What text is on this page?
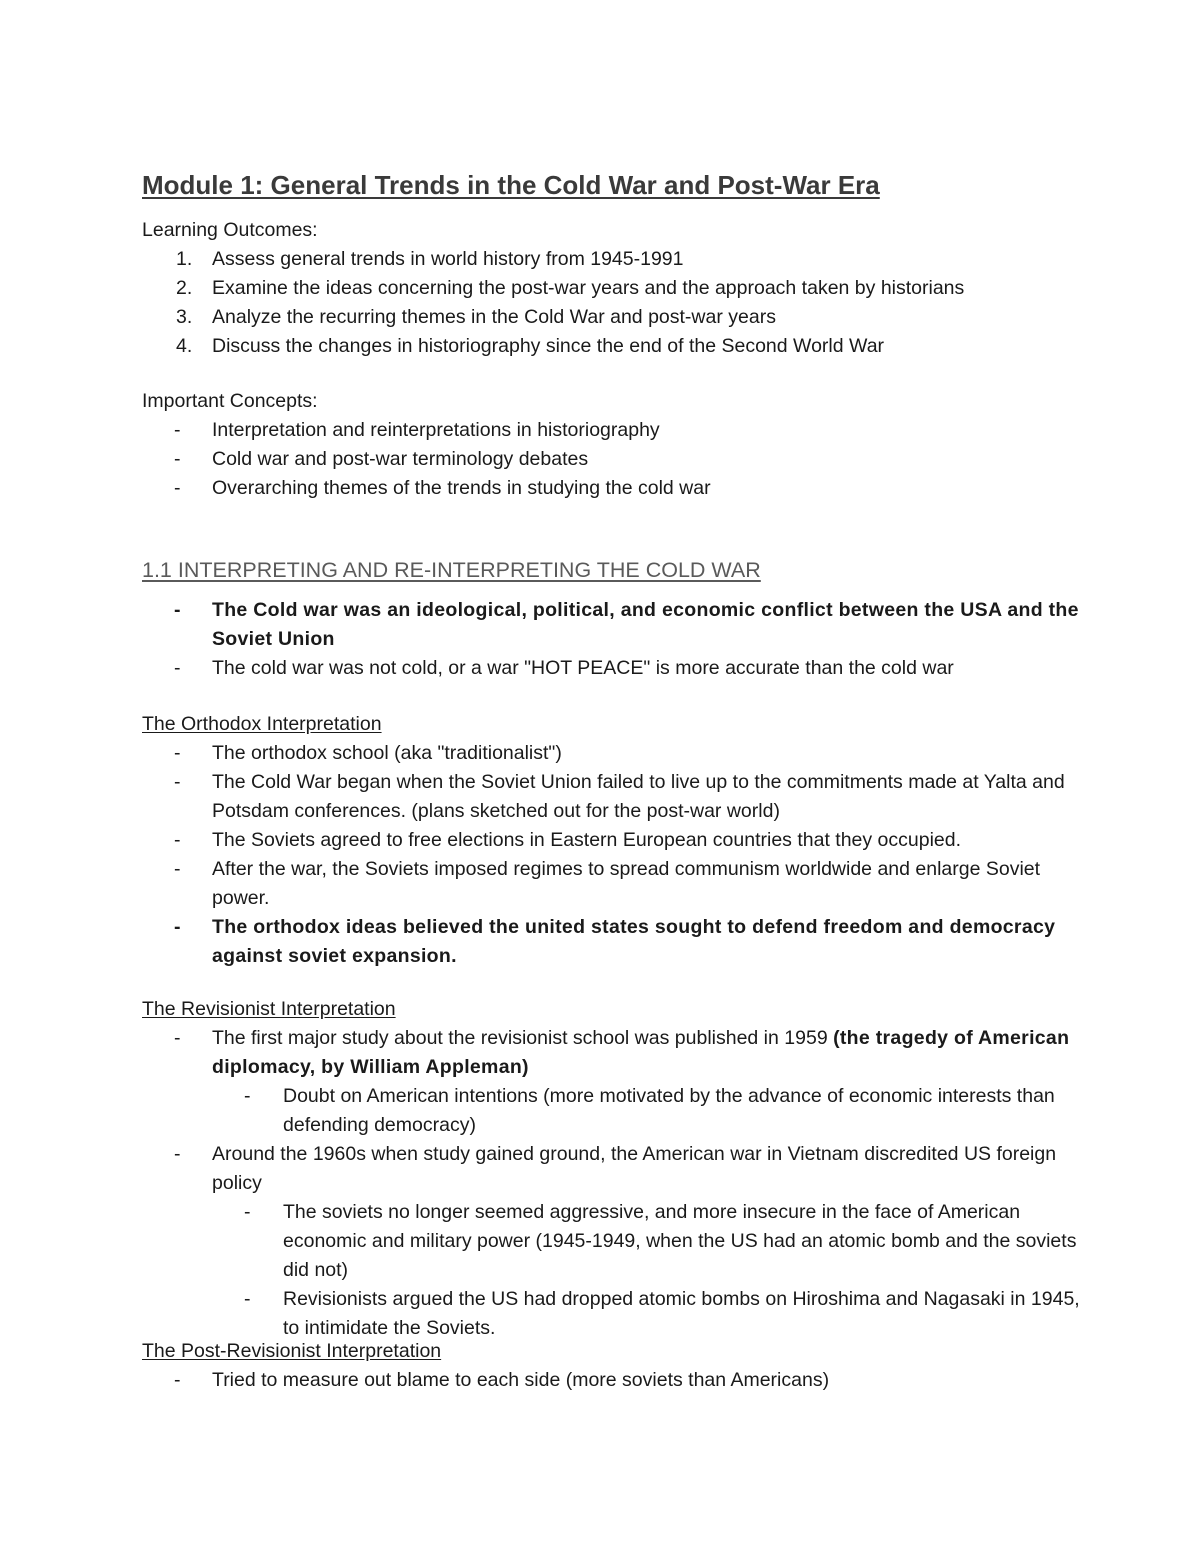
Module 1: General Trends in the Cold War and Post-War Era
Learning Outcomes:
1. Assess general trends in world history from 1945-1991
2. Examine the ideas concerning the post-war years and the approach taken by historians
3. Analyze the recurring themes in the Cold War and post-war years
4. Discuss the changes in historiography since the end of the Second World War
Important Concepts:
- Interpretation and reinterpretations in historiography
- Cold war and post-war terminology debates
- Overarching themes of the trends in studying the cold war
1.1 INTERPRETING AND RE-INTERPRETING THE COLD WAR
- The Cold war was an ideological, political, and economic conflict between the USA and the Soviet Union
- The cold war was not cold, or a war "HOT PEACE" is more accurate than the cold war
The Orthodox Interpretation
- The orthodox school (aka "traditionalist")
- The Cold War began when the Soviet Union failed to live up to the commitments made at Yalta and Potsdam conferences. (plans sketched out for the post-war world)
- The Soviets agreed to free elections in Eastern European countries that they occupied.
- After the war, the Soviets imposed regimes to spread communism worldwide and enlarge Soviet power.
- The orthodox ideas believed the united states sought to defend freedom and democracy against soviet expansion.
The Revisionist Interpretation
- The first major study about the revisionist school was published in 1959 (the tragedy of American diplomacy, by William Appleman)
- Doubt on American intentions (more motivated by the advance of economic interests than defending democracy)
- Around the 1960s when study gained ground, the American war in Vietnam discredited US foreign policy
- The soviets no longer seemed aggressive, and more insecure in the face of American economic and military power (1945-1949, when the US had an atomic bomb and the soviets did not)
- Revisionists argued the US had dropped atomic bombs on Hiroshima and Nagasaki in 1945, to intimidate the Soviets.
The Post-Revisionist Interpretation
- Tried to measure out blame to each side (more soviets than Americans)
